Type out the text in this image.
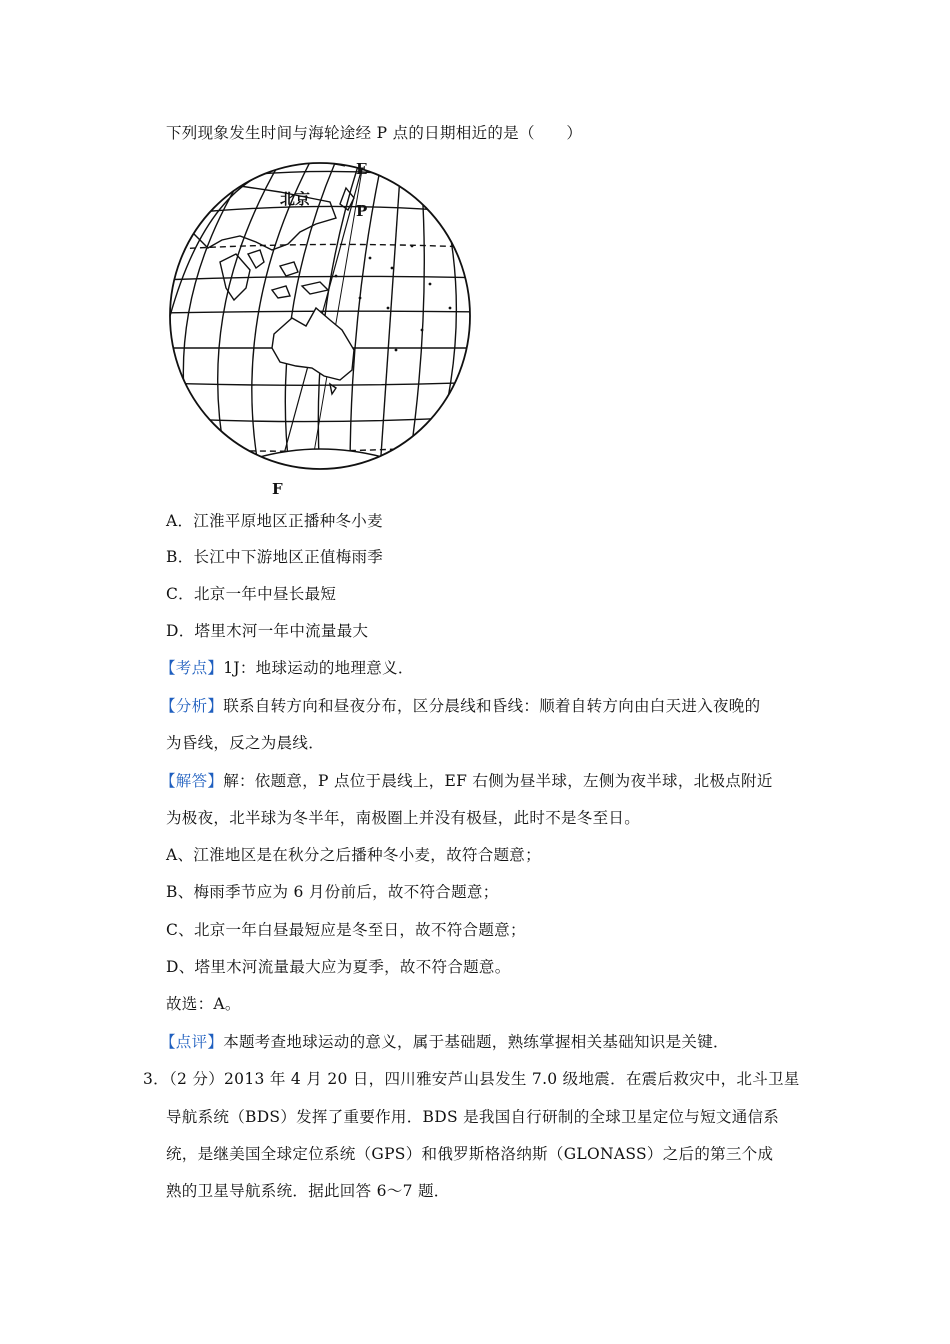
下列现象发生时间与海轮途经 P 点的日期相近的是（　　）
北京
E
P
F
A．江淮平原地区正播种冬小麦
B．长江中下游地区正值梅雨季
C．北京一年中昼长最短
D．塔里木河一年中流量最大
【考点】1J：地球运动的地理意义．
【分析】联系自转方向和昼夜分布，区分晨线和昏线：顺着自转方向由白天进入夜晚的
为昏线，反之为晨线．
【解答】解：依题意，P 点位于晨线上，EF 右侧为昼半球，左侧为夜半球，北极点附近
为极夜，北半球为冬半年，南极圈上并没有极昼，此时不是冬至日。
A、江淮地区是在秋分之后播种冬小麦，故符合题意；
B、梅雨季节应为 6 月份前后，故不符合题意；
C、北京一年白昼最短应是冬至日，故不符合题意；
D、塔里木河流量最大应为夏季，故不符合题意。
故选：A。
【点评】本题考查地球运动的意义，属于基础题，熟练掌握相关基础知识是关键．
3．（2 分）2013 年 4 月 20 日，四川雅安芦山县发生 7.0 级地震．在震后救灾中，北斗卫星
导航系统（BDS）发挥了重要作用．BDS 是我国自行研制的全球卫星定位与短文通信系
统，是继美国全球定位系统（GPS）和俄罗斯格洛纳斯（GLONASS）之后的第三个成
熟的卫星导航系统．据此回答 6～7 题．
